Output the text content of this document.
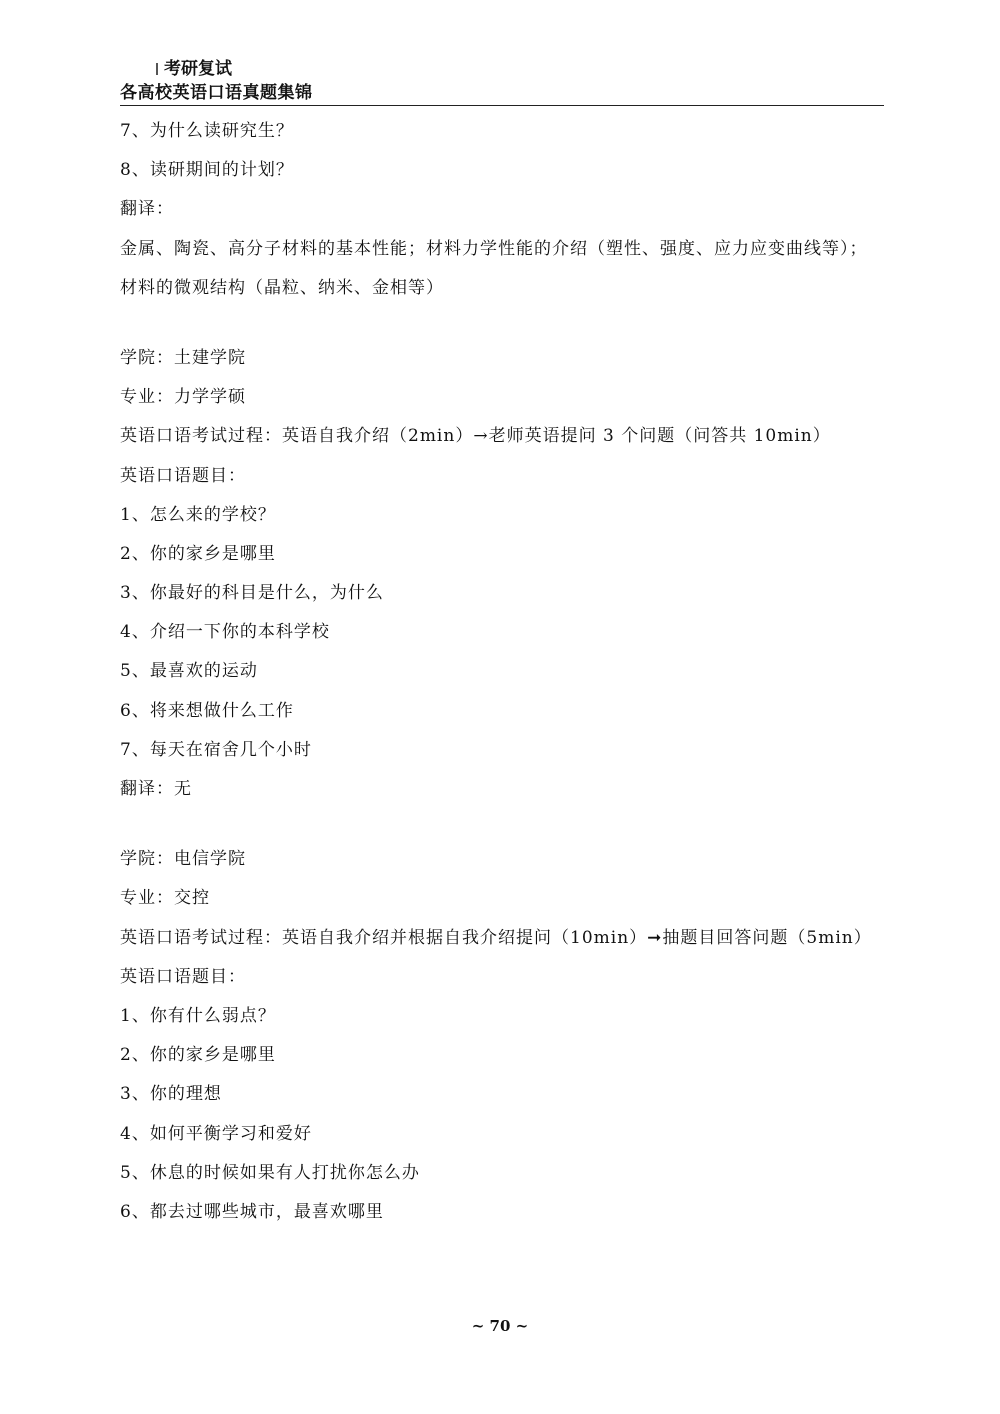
考研复试
各高校英语口语真题集锦
7、为什么读研究生？
8、读研期间的计划？
翻译：
金属、陶瓷、高分子材料的基本性能；材料力学性能的介绍（塑性、强度、应力应变曲线等）；材料的微观结构（晶粒、纳米、金相等）
学院：土建学院
专业：力学学硕
英语口语考试过程：英语自我介绍（2min）→老师英语提问 3 个问题（问答共 10min）
英语口语题目：
1、怎么来的学校？
2、你的家乡是哪里
3、你最好的科目是什么，为什么
4、介绍一下你的本科学校
5、最喜欢的运动
6、将来想做什么工作
7、每天在宿舍几个小时
翻译：无
学院：电信学院
专业：交控
英语口语考试过程：英语自我介绍并根据自我介绍提问（10min）➞抽题目回答问题（5min）
英语口语题目：
1、你有什么弱点？
2、你的家乡是哪里
3、你的理想
4、如何平衡学习和爱好
5、休息的时候如果有人打扰你怎么办
6、都去过哪些城市，最喜欢哪里
~ 70 ~
